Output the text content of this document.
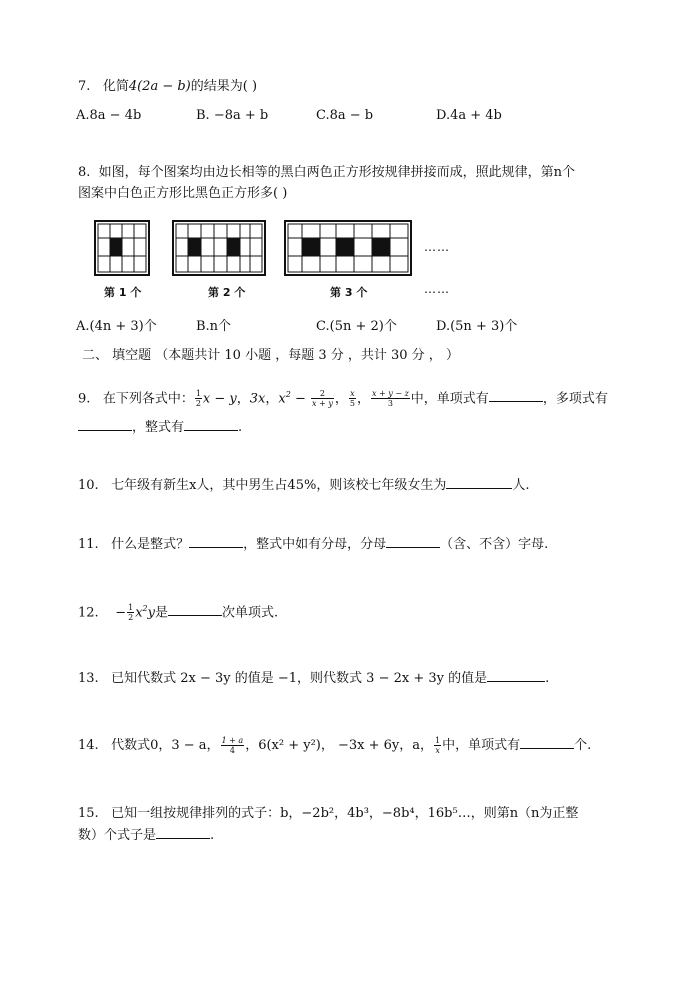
7. 化简4(2a − b)的结果为( )
A.8a − 4b	B. −8a + b	C.8a − b	D.4a + 4b
8. 如图，每个图案均由边长相等的黑白两色正方形按规律拼接而成，照此规律，第n个
图案中白色正方形比黑色正方形多( )
……
……
第 1 个	第 2 个	第 3 个
A.(4n + 3)个	B.n个	C.(5n + 2)个	D.(5n + 3)个
二、 填空题 （本题共计 10 小题 ，每题 3 分 ，共计 30 分 ， ）
9. 在下列各式中： $\frac{1}{2}$ x − y，3x，$x^2 - \frac{2}{x + y}$ ， $\frac{x}{5}$ ， $\frac{x + y - z}{3}$ 中，单项式有	，多项式有
，整式有	.
10. 七年级有新生x人，其中男生占45%，则该校七年级女生为	人.
11. 什么是整式？	，整式中如有分母，分母	（含、不含）字母.
12.    − $\frac{1}{2} x^2y$是	次单项式.
13. 已知代数式 2x − 3y 的值是 −1，则代数式 3 − 2x + 3y 的值是	.
14. 代数式0，3 − a， $\frac{1 + a}{4}$ ，6(x² + y²)， −3x + 6y，a， $\frac{1}{x}$ 中，单项式有	个.
15. 已知一组按规律排列的式子：b，−2b²，4b³，−8b⁴，16b⁵…，则第n（n为正整
数）个式子是	.
